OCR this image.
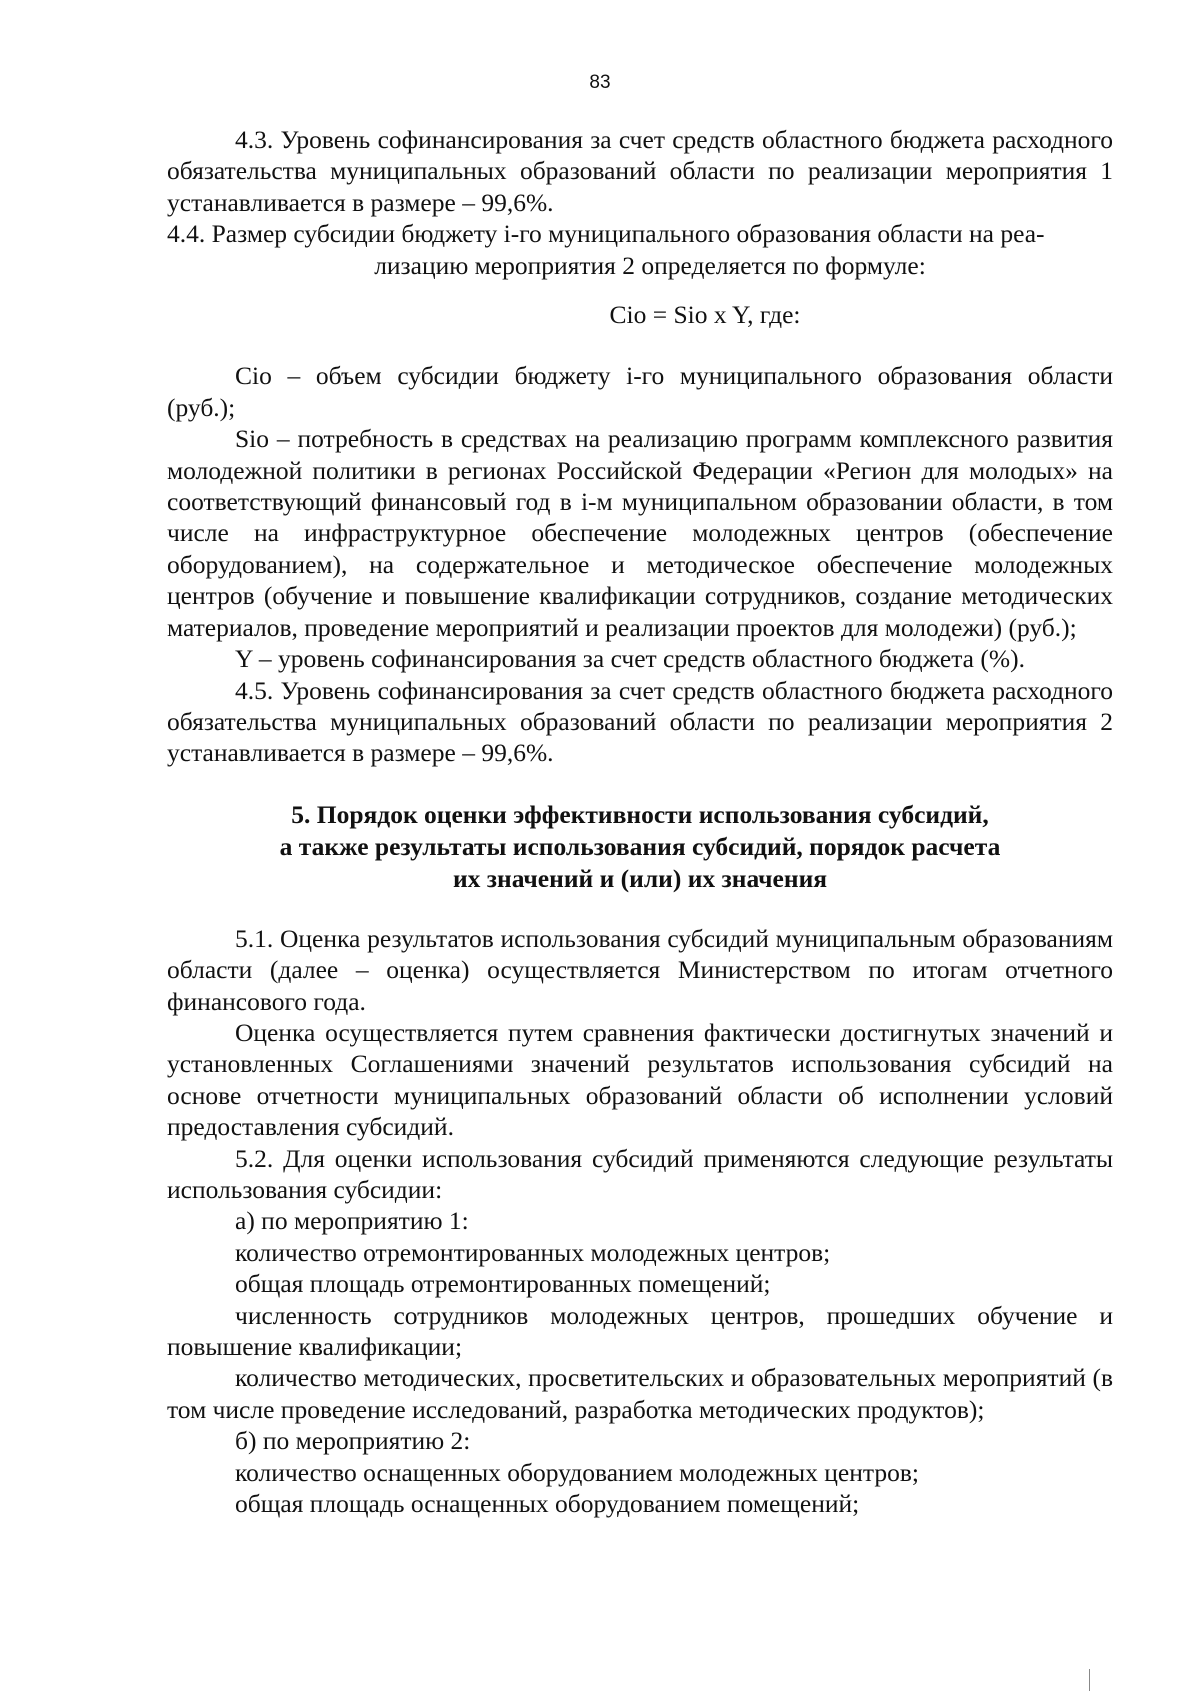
83

4.3. Уровень софинансирования за счет средств областного бюджета расходного обязательства муниципальных образований области по реализации мероприятия 1 устанавливается в размере – 99,6%.

4.4. Размер субсидии бюджету i-го муниципального образования области на реа-

лизацию мероприятия 2 определяется по формуле:

Cio = Sio x Y, где:

Cio – объем субсидии бюджету i-го муниципального образования области (руб.);

Sio – потребность в средствах на реализацию программ комплексного развития молодежной политики в регионах Российской Федерации «Регион для молодых» на соответствующий финансовый год в i-м муниципальном образовании области, в том числе на инфраструктурное обеспечение молодежных центров (обеспечение оборудованием), на содержательное и методическое обеспечение молодежных центров (обучение и повышение квалификации сотрудников, создание методических материалов, проведение мероприятий и реализации проектов для молодежи) (руб.);

Y – уровень софинансирования за счет средств областного бюджета (%).

4.5. Уровень софинансирования за счет средств областного бюджета расходного обязательства муниципальных образований области по реализации мероприятия 2 устанавливается в размере – 99,6%.

5. Порядок оценки эффективности использования субсидий,
а также результаты использования субсидий, порядок расчета
их значений и (или) их значения

5.1. Оценка результатов использования субсидий муниципальным образованиям области (далее – оценка) осуществляется Министерством по итогам отчетного финансового года.

Оценка осуществляется путем сравнения фактически достигнутых значений и установленных Соглашениями значений результатов использования субсидий на основе отчетности муниципальных образований области об исполнении условий предоставления субсидий.

5.2. Для оценки использования субсидий применяются следующие результаты использования субсидии:

а) по мероприятию 1:

количество отремонтированных молодежных центров;

общая площадь отремонтированных помещений;

численность сотрудников молодежных центров, прошедших обучение и повышение квалификации;

количество методических, просветительских и образовательных мероприятий (в том числе проведение исследований, разработка методических продуктов);

б) по мероприятию 2:

количество оснащенных оборудованием молодежных центров;

общая площадь оснащенных оборудованием помещений;
